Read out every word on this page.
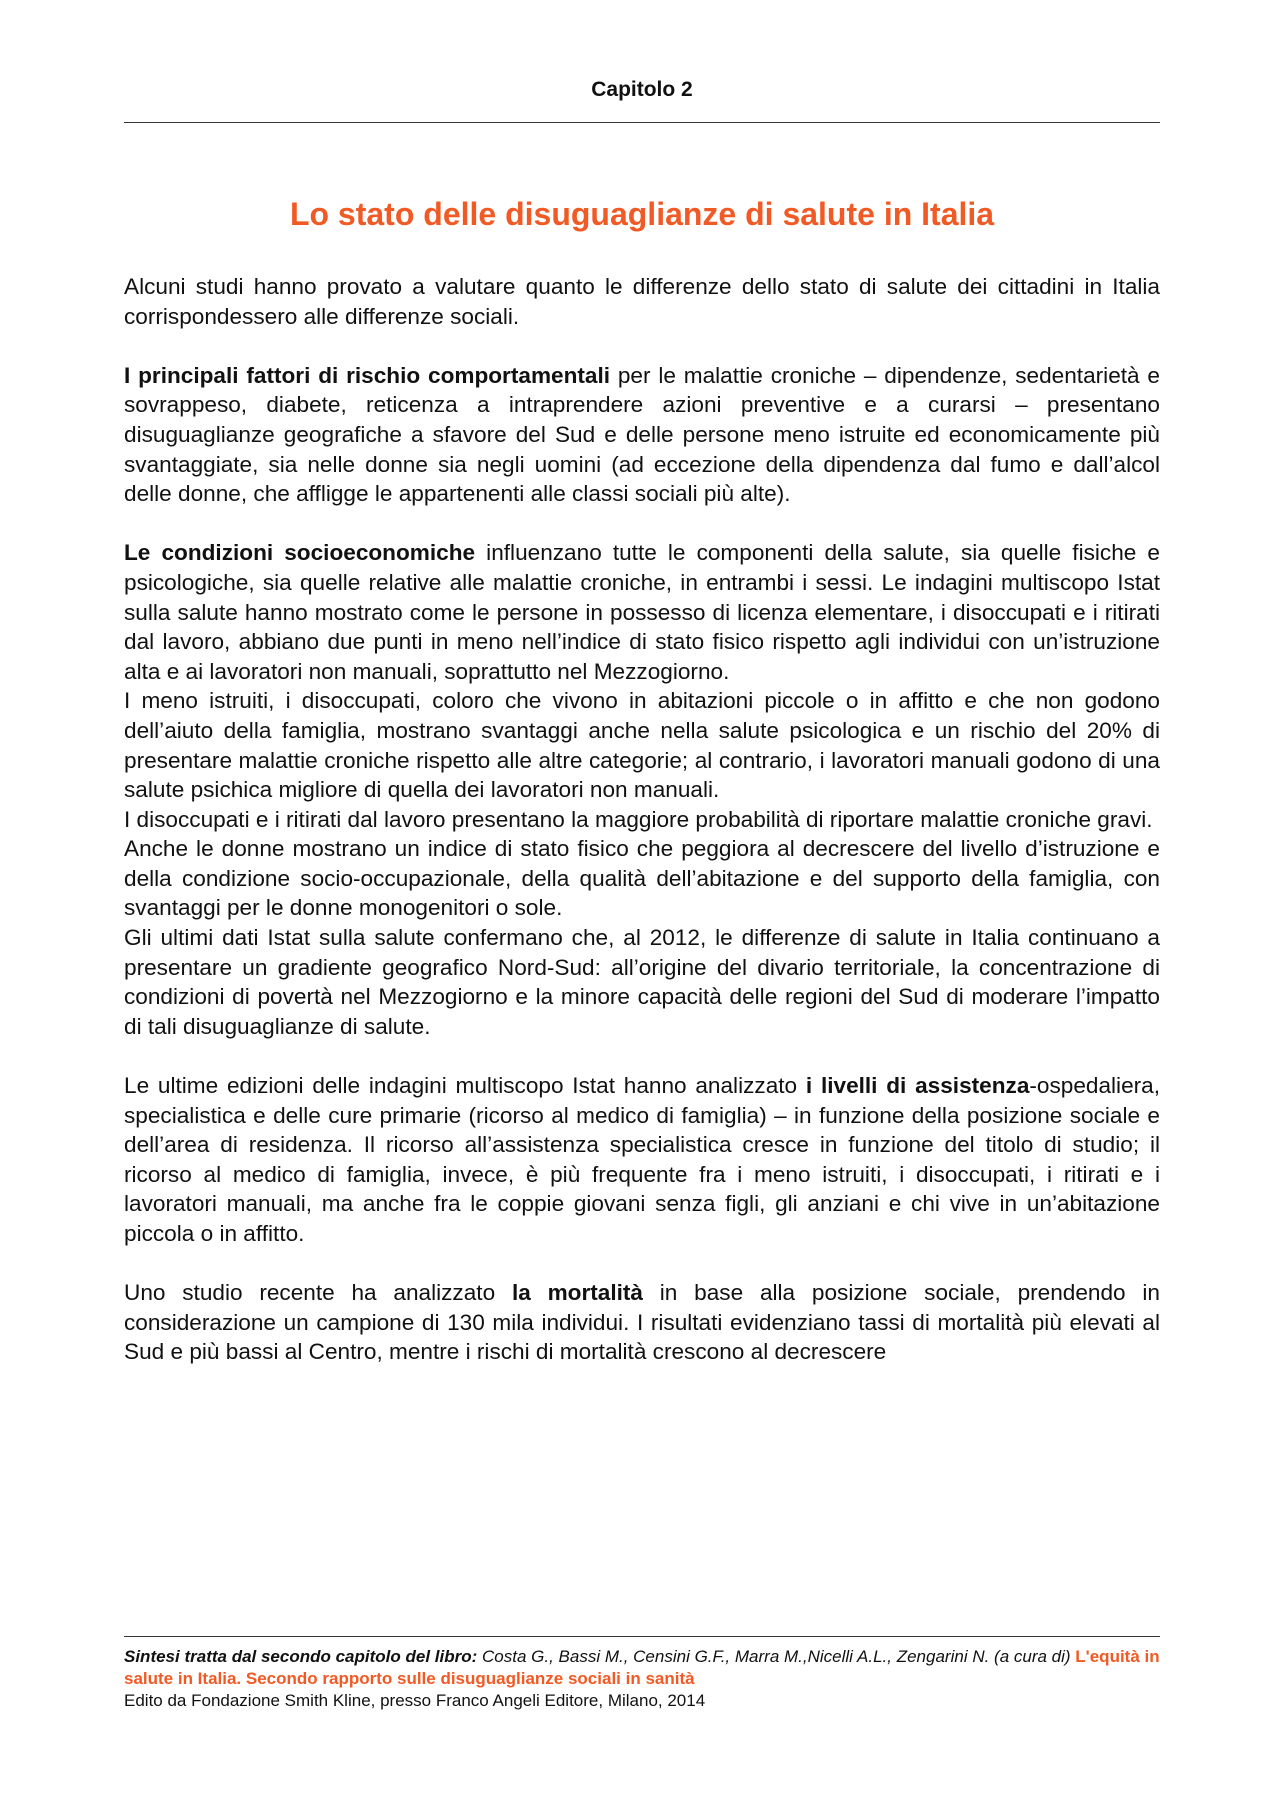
Capitolo 2
Lo stato delle disuguaglianze di salute in Italia

Alcuni studi hanno provato a valutare quanto le differenze dello stato di salute dei cittadini in Italia corrispondessero alle differenze sociali.

I principali fattori di rischio comportamentali per le malattie croniche – dipendenze, sedentarietà e sovrappeso, diabete, reticenza a intraprendere azioni preventive e a curarsi – presentano disuguaglianze geografiche a sfavore del Sud e delle persone meno istruite ed economicamente più svantaggiate, sia nelle donne sia negli uomini (ad eccezione della dipendenza dal fumo e dall’alcol delle donne, che affligge le appartenenti alle classi sociali più alte).

Le condizioni socioeconomiche influenzano tutte le componenti della salute, sia quelle fisiche e psicologiche, sia quelle relative alle malattie croniche, in entrambi i sessi. Le indagini multiscopo Istat sulla salute hanno mostrato come le persone in possesso di licenza elementare, i disoccupati e i ritirati dal lavoro, abbiano due punti in meno nell’indice di stato fisico rispetto agli individui con un’istruzione alta e ai lavoratori non manuali, soprattutto nel Mezzogiorno.

I meno istruiti, i disoccupati, coloro che vivono in abitazioni piccole o in affitto e che non godono dell’aiuto della famiglia, mostrano svantaggi anche nella salute psicologica e un rischio del 20% di presentare malattie croniche rispetto alle altre categorie; al contrario, i lavoratori manuali godono di una salute psichica migliore di quella dei lavoratori non manuali.

I disoccupati e i ritirati dal lavoro presentano la maggiore probabilità di riportare malattie croniche gravi.

Anche le donne mostrano un indice di stato fisico che peggiora al decrescere del livello d’istruzione e della condizione socio-occupazionale, della qualità dell’abitazione e del supporto della famiglia, con svantaggi per le donne monogenitori o sole.

Gli ultimi dati Istat sulla salute confermano che, al 2012, le differenze di salute in Italia continuano a presentare un gradiente geografico Nord-Sud: all’origine del divario territoriale, la concentrazione di condizioni di povertà nel Mezzogiorno e la minore capacità delle regioni del Sud di moderare l’impatto di tali disuguaglianze di salute.

Le ultime edizioni delle indagini multiscopo Istat hanno analizzato i livelli di assistenza-ospedaliera, specialistica e delle cure primarie (ricorso al medico di famiglia) – in funzione della posizione sociale e dell’area di residenza. Il ricorso all’assistenza specialistica cresce in funzione del titolo di studio; il ricorso al medico di famiglia, invece, è più frequente fra i meno istruiti, i disoccupati, i ritirati e i lavoratori manuali, ma anche fra le coppie giovani senza figli, gli anziani e chi vive in un’abitazione piccola o in affitto.

Uno studio recente ha analizzato la mortalità in base alla posizione sociale, prendendo in considerazione un campione di 130 mila individui. I risultati evidenziano tassi di mortalità più elevati al Sud e più bassi al Centro, mentre i rischi di mortalità crescono al decrescere

Sintesi tratta dal secondo capitolo del libro: Costa G., Bassi M., Censini G.F., Marra M.,Nicelli A.L., Zengarini N. (a cura di) L'equità in salute in Italia. Secondo rapporto sulle disuguaglianze sociali in sanità
Edito da Fondazione Smith Kline, presso Franco Angeli Editore, Milano, 2014
